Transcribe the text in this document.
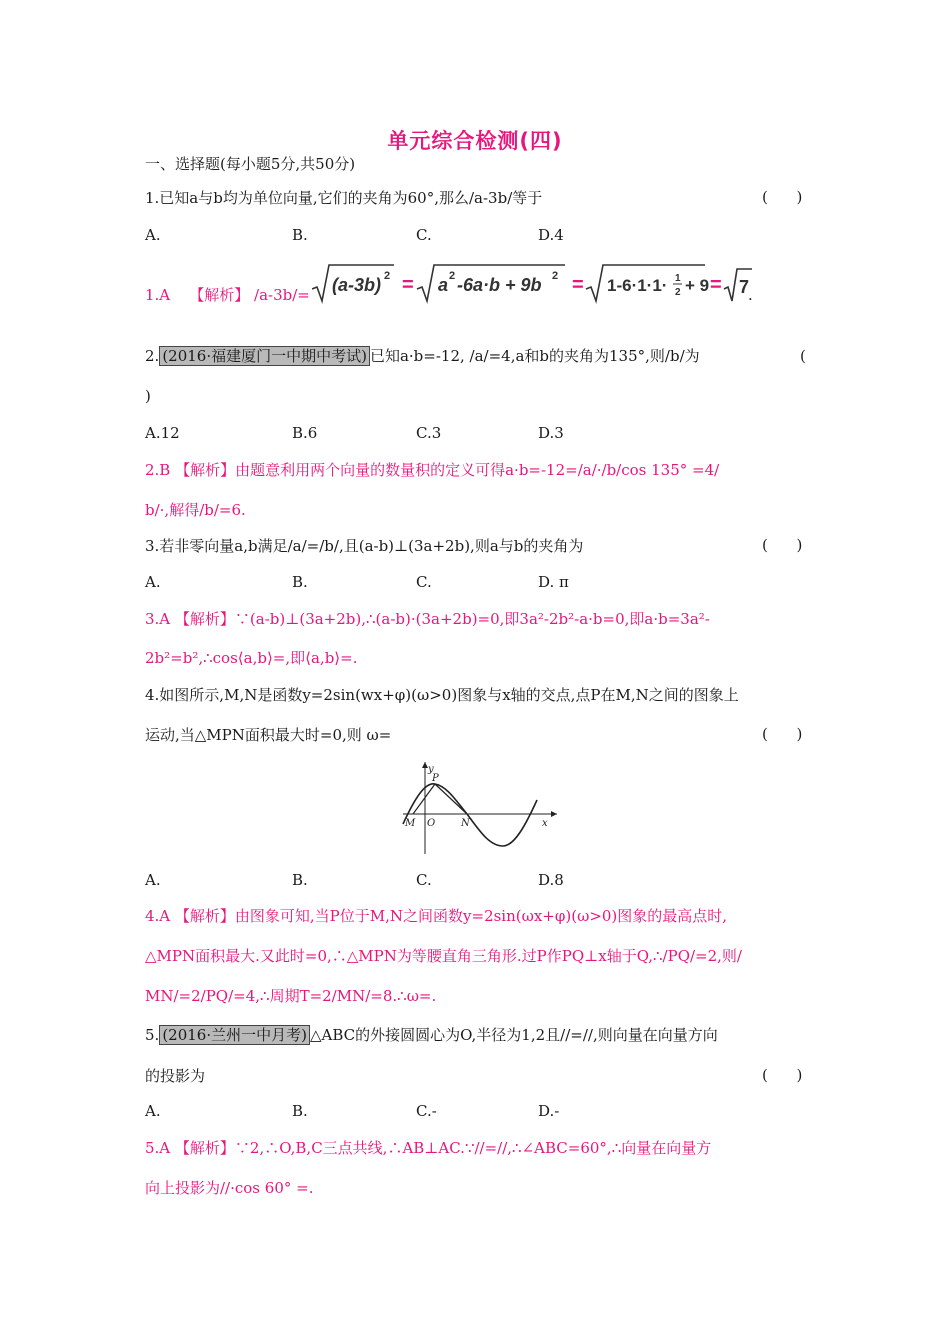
单元综合检测(四)
一、选择题(每小题5分,共50分)
1.已知a与b均为单位向量,它们的夹角为60°,那么/a-3b/等于	(      )
A.	B.	C.	D.4
1.A 【解析】 /a-3b/= (a-3b) 2 = a 2 -6a·b + 9b 2 = 1-6·1·1· 1
2 + 9 = 7
.
2. (2016·福建厦门一中期中考试) 已知a·b=-12, /a/=4,a和b的夹角为135°,则/b/为	(
)
A.12	B.6	C.3	D.3
2.B 【解析】由题意利用两个向量的数量积的定义可得a·b=-12=/a/·/b/cos 135° =4/
b/·,解得/b/=6.
3.若非零向量a,b满足/a/=/b/,且(a-b)⊥(3a+2b),则a与b的夹角为	(      )
A.	B.	C.	D. π
3.A 【解析】∵(a-b)⊥(3a+2b),∴(a-b)·(3a+2b)=0,即3a²-2b²-a·b=0,即a·b=3a²-
2b²=b²,∴cos⟨a,b⟩=,即⟨a,b⟩=.
4.如图所示,M,N是函数y=2sin(wx+φ)(ω>0)图象与x轴的交点,点P在M,N之间的图象上
运动,当△MPN面积最大时=0,则 ω=	(      )
y
P
M O	N	x
A.	B.	C.	D.8
4.A 【解析】由图象可知,当P位于M,N之间函数y=2sin(ωx+φ)(ω>0)图象的最高点时,
△MPN面积最大.又此时=0,∴△MPN为等腰直角三角形.过P作PQ⊥x轴于Q,∴/PQ/=2,则/
MN/=2/PQ/=4,∴周期T=2/MN/=8.∴ω=.
5. (2016·兰州一中月考) △ABC的外接圆圆心为O,半径为1,2且//=//,则向量在向量方向
的投影为	(      )
A.	B.	C.-	D.-
5.A 【解析】∵2,∴O,B,C三点共线,∴AB⊥AC.∵//=//,∴∠ABC=60°,∴向量在向量方
向上投影为//·cos 60° =.
